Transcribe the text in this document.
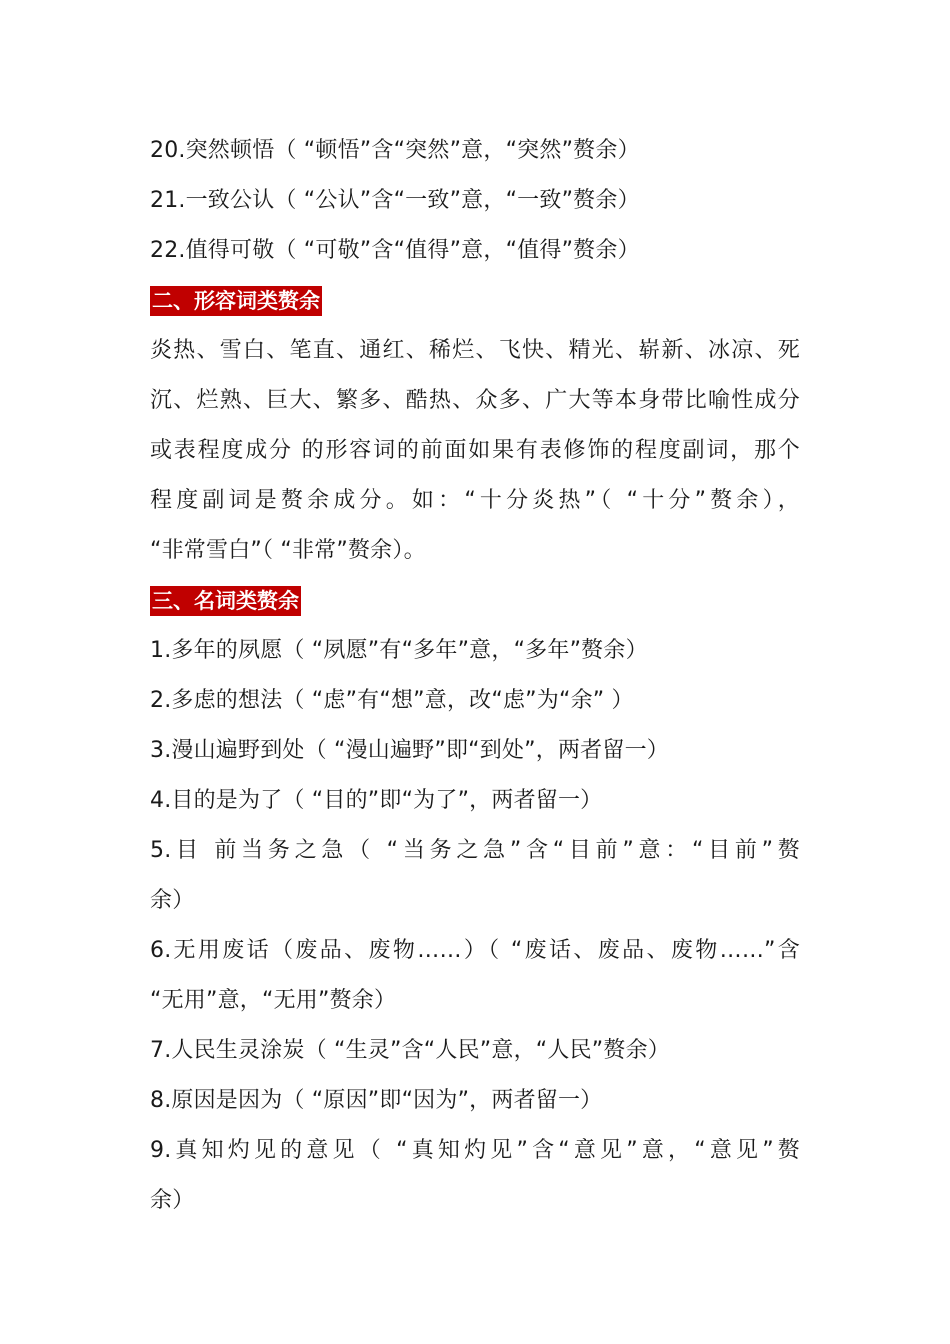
20.突然顿悟（ “顿悟”含“突然”意，“突然”赘余）
21.一致公认（ “公认”含“一致”意，“一致”赘余）
22.值得可敬（ “可敬”含“值得”意，“值得”赘余）
二、形容词类赘余
炎热、雪白、笔直、通红、稀烂、飞快、精光、崭新、冰凉、死
沉、烂熟、巨大、繁多、酷热、众多、广大等本身带比喻性成分
或表程度成分 的形容词的前面如果有表修饰的程度副词，那个
程度副词是赘余成分。如：“十分炎热”（ “十分”赘余），
“非常雪白”（ “非常”赘余）。
三、名词类赘余
1.多年的夙愿（ “夙愿”有“多年”意，“多年”赘余）
2.多虑的想法（ “虑”有“想”意，改“虑”为“余” ）
3.漫山遍野到处（ “漫山遍野”即“到处”，两者留一）
4.目的是为了（ “目的”即“为了”，两者留一）
5.目 前当务之急（ “当务之急”含“目前”意：“目前”赘
余）
6.无用废话（废品、废物……）（ “废话、废品、废物……”含
“无用”意，“无用”赘余）
7.人民生灵涂炭（ “生灵”含“人民”意，“人民”赘余）
8.原因是因为（ “原因”即“因为”，两者留一）
9.真知灼见的意见（ “真知灼见”含“意见”意，“意见”赘
余）
